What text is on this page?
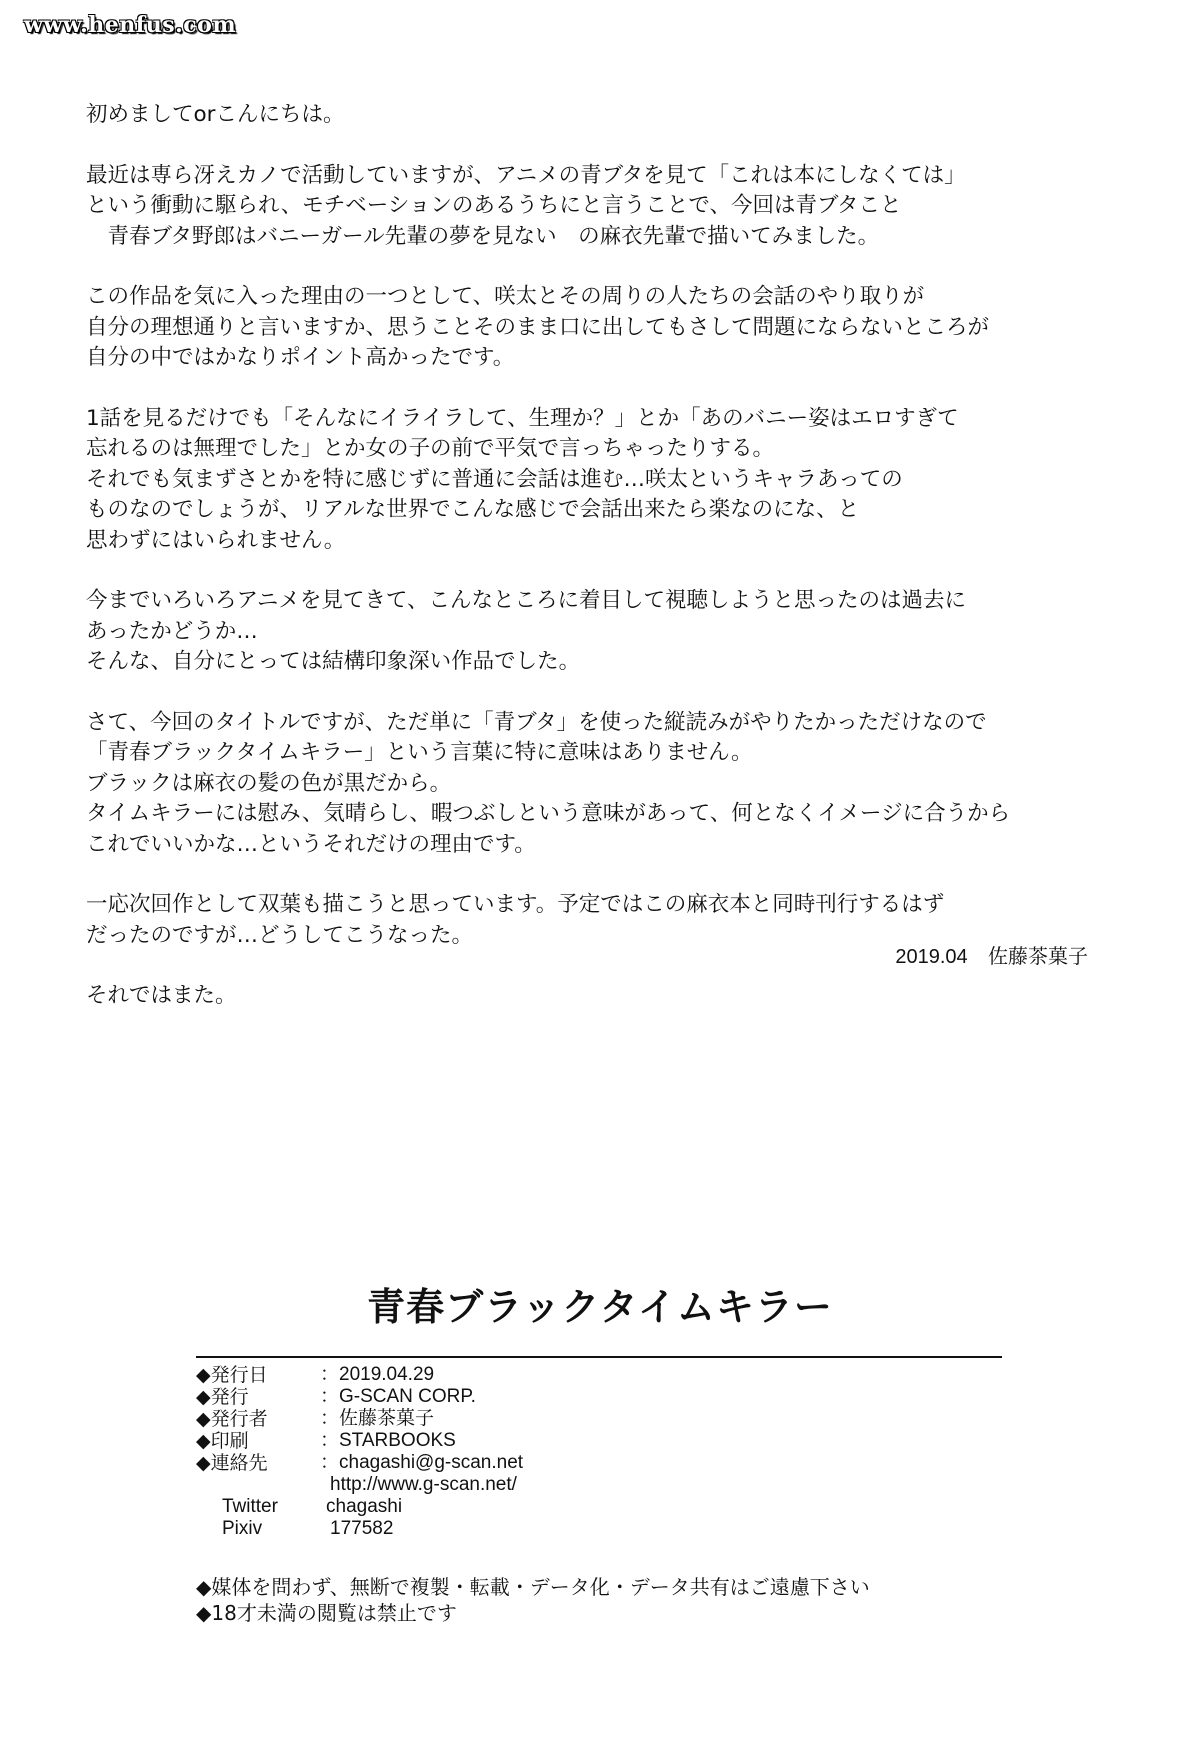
www.henfus.com

初めましてorこんにちは。

最近は専ら冴えカノで活動していますが、アニメの青ブタを見て「これは本にしなくては」
という衝動に駆られ、モチベーションのあるうちにと言うことで、今回は青ブタこと
　青春ブタ野郎はバニーガール先輩の夢を見ない　の麻衣先輩で描いてみました。

この作品を気に入った理由の一つとして、咲太とその周りの人たちの会話のやり取りが
自分の理想通りと言いますか、思うことそのまま口に出してもさして問題にならないところが
自分の中ではかなりポイント高かったです。

1話を見るだけでも「そんなにイライラして、生理か？」とか「あのバニー姿はエロすぎて
忘れるのは無理でした」とか女の子の前で平気で言っちゃったりする。
それでも気まずさとかを特に感じずに普通に会話は進む…咲太というキャラあっての
ものなのでしょうが、リアルな世界でこんな感じで会話出来たら楽なのにな、と
思わずにはいられません。

今までいろいろアニメを見てきて、こんなところに着目して視聴しようと思ったのは過去に
あったかどうか…
そんな、自分にとっては結構印象深い作品でした。

さて、今回のタイトルですが、ただ単に「青ブタ」を使った縦読みがやりたかっただけなので
「青春ブラックタイムキラー」という言葉に特に意味はありません。
ブラックは麻衣の髪の色が黒だから。
タイムキラーには慰み、気晴らし、暇つぶしという意味があって、何となくイメージに合うから
これでいいかな…というそれだけの理由です。

一応次回作として双葉も描こうと思っています。予定ではこの麻衣本と同時刊行するはず
だったのですが…どうしてこうなった。

それではまた。

2019.04 佐藤茶菓子
青春ブラックタイムキラー
◆発行日	：2019.04.29
◆発行	：G-SCAN CORP.
◆発行者	：佐藤茶菓子
◆印刷	：STARBOOKS
◆連絡先	：chagashi@g-scan.net
http://www.g-scan.net/
Twitter	chagashi
Pixiv	177582
◆媒体を問わず、無断で複製・転載・データ化・データ共有はご遠慮下さい
◆18才未満の閲覧は禁止です
